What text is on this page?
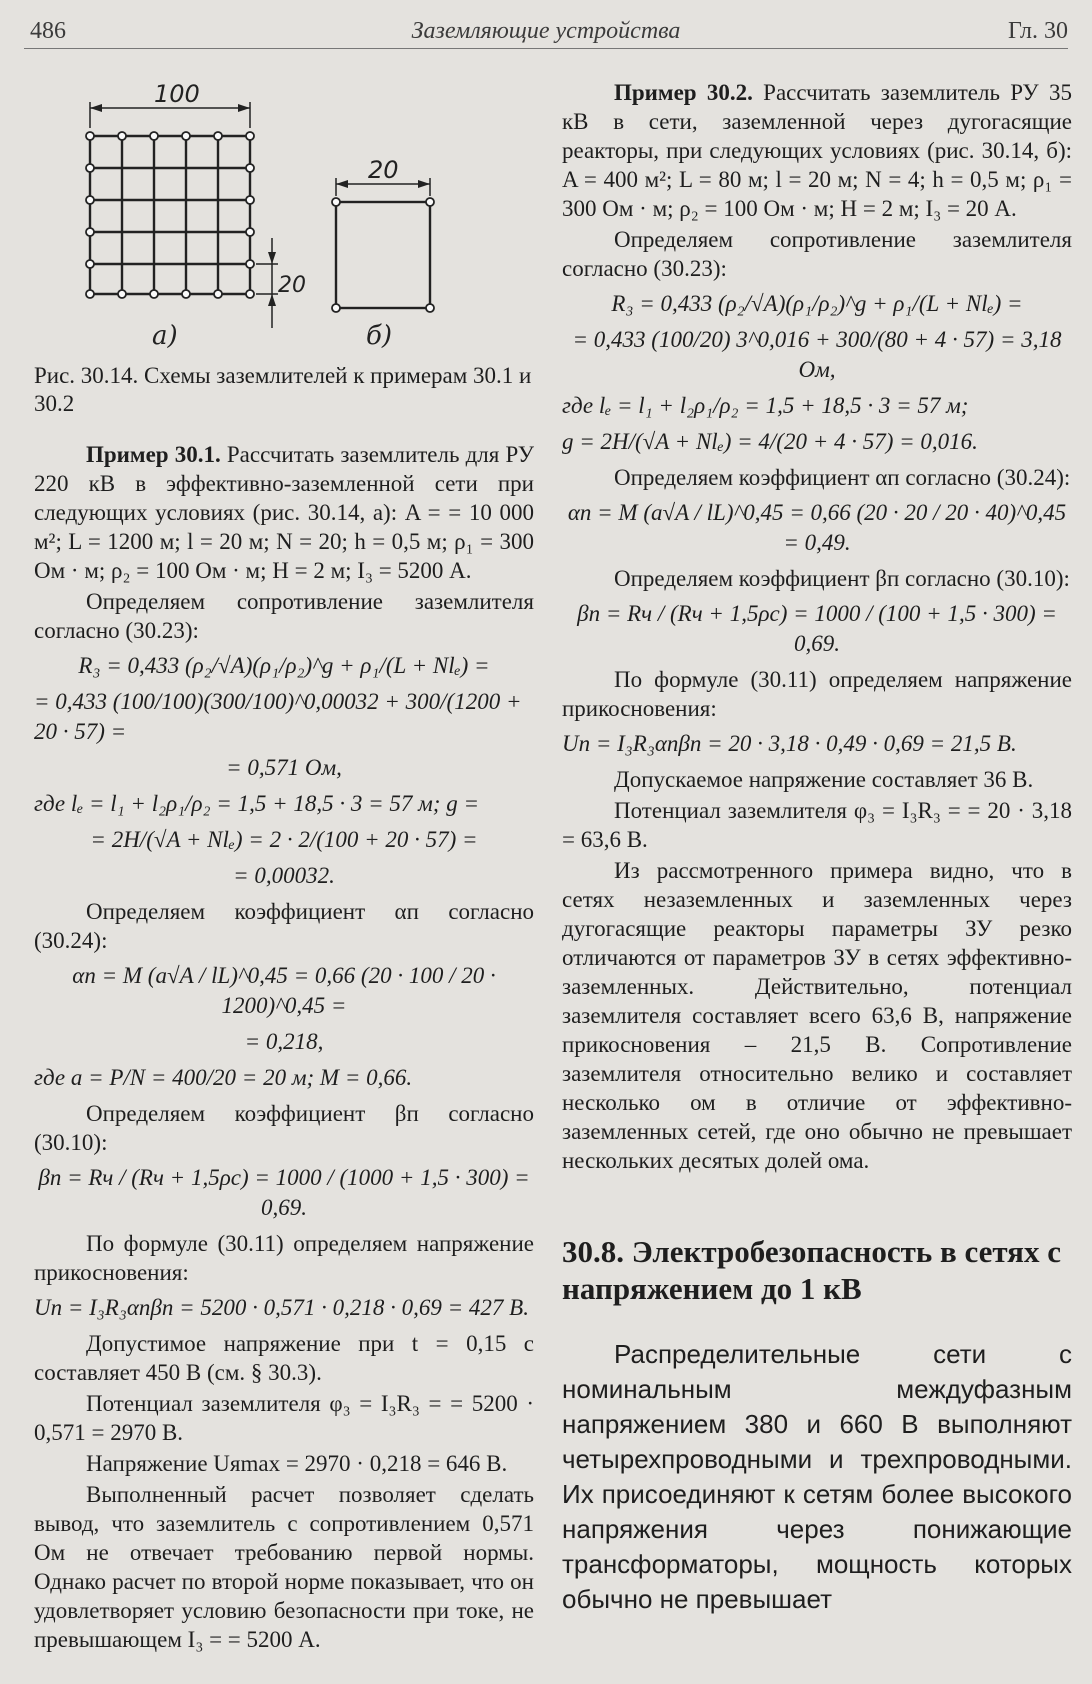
486	Заземляющие устройства	Гл. 30
100
20
20
а)	б)
Рис. 30.14. Схемы заземлителей к примерам 30.1 и 30.2

Пример 30.1. Рассчитать заземлитель для РУ 220 кВ в эффективно-заземленной сети при следующих условиях (рис. 30.14, а): A = = 10 000 м²; L = 1200 м; l = 20 м; N = 20; h = 0,5 м; ρ₁ = 300 Ом · м; ρ₂ = 100 Ом · м; H = 2 м; I₃ = 5200 А.

Определяем сопротивление заземлителя согласно (30.23):

R₃ = 0,433 (ρ₂/√A)(ρ₁/ρ₂)^g + ρ₁/(L + Nlₑ) =
= 0,433 (100/100)(300/100)^0,00032 + 300/(1200 + 20 · 57) =
= 0,571 Ом,
где lₑ = l₁ + l₂ρ₁/ρ₂ = 1,5 + 18,5 · 3 = 57 м; g =
= 2H/(√A + Nlₑ) = 2 · 2/(100 + 20 · 57) =
= 0,00032.

Определяем коэффициент αп согласно (30.24):

αп = M (a√A / lL)^0,45 = 0,66 (20 · 100 / 20 · 1200)^0,45 =
= 0,218,
где a = P/N = 400/20 = 20 м; M = 0,66.

Определяем коэффициент βп согласно (30.10):

βп = Rч / (Rч + 1,5ρс) = 1000 / (1000 + 1,5 · 300) = 0,69.

По формуле (30.11) определяем напряжение прикосновения:

Uп = I₃R₃αпβп = 5200 · 0,571 · 0,218 · 0,69 = 427 В.

Допустимое напряжение при t = 0,15 с составляет 450 В (см. § 30.3).

Потенциал заземлителя φ₃ = I₃R₃ = = 5200 · 0,571 = 2970 В.

Напряжение Uяmax = 2970 · 0,218 = 646 В.

Выполненный расчет позволяет сделать вывод, что заземлитель с сопротивлением 0,571 Ом не отвечает требованию первой нормы. Однако расчет по второй норме показывает, что он удовлетворяет условию безопасности при токе, не превышающем I₃ = = 5200 А.

Пример 30.2. Рассчитать заземлитель РУ 35 кВ в сети, заземленной через дугогасящие реакторы, при следующих условиях (рис. 30.14, б): A = 400 м²; L = 80 м; l = 20 м; N = 4; h = 0,5 м; ρ₁ = 300 Ом · м; ρ₂ = 100 Ом · м; H = 2 м; I₃ = 20 А.

Определяем сопротивление заземлителя согласно (30.23):

R₃ = 0,433 (ρ₂/√A)(ρ₁/ρ₂)^g + ρ₁/(L + Nlₑ) =
= 0,433 (100/20) 3^0,016 + 300/(80 + 4 · 57) = 3,18 Ом,
где lₑ = l₁ + l₂ρ₁/ρ₂ = 1,5 + 18,5 · 3 = 57 м;
g = 2H/(√A + Nlₑ) = 4/(20 + 4 · 57) = 0,016.

Определяем коэффициент αп согласно (30.24):

αп = M (a√A / lL)^0,45 = 0,66 (20 · 20 / 20 · 40)^0,45 = 0,49.

Определяем коэффициент βп согласно (30.10):

βп = Rч / (Rч + 1,5ρс) = 1000 / (100 + 1,5 · 300) = 0,69.

По формуле (30.11) определяем напряжение прикосновения:

Uп = I₃R₃αпβп = 20 · 3,18 · 0,49 · 0,69 = 21,5 В.

Допускаемое напряжение составляет 36 В.

Потенциал заземлителя φ₃ = I₃R₃ = = 20 · 3,18 = 63,6 В.

Из рассмотренного примера видно, что в сетях незаземленных и заземленных через дугогасящие реакторы параметры ЗУ резко отличаются от параметров ЗУ в сетях эффективно-заземленных. Действительно, потенциал заземлителя составляет всего 63,6 В, напряжение прикосновения – 21,5 В. Сопротивление заземлителя относительно велико и составляет несколько ом в отличие от эффективно-заземленных сетей, где оно обычно не превышает нескольких десятых долей ома.

30.8. Электробезопасность в сетях с напряжением до 1 кВ

Распределительные сети с номинальным междуфазным напряжением 380 и 660 В выполняют четырехпроводными и трехпроводными. Их присоединяют к сетям более высокого напряжения через понижающие трансформаторы, мощность которых обычно не превышает
